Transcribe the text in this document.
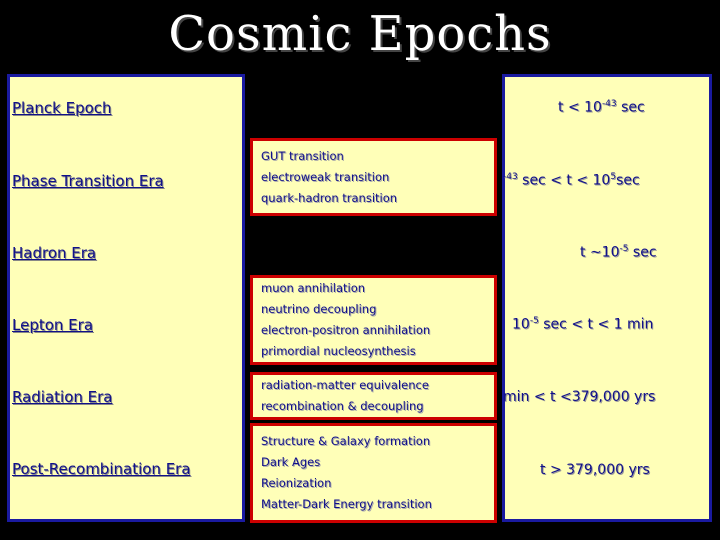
Cosmic Epochs
Planck Epoch
Phase Transition Era
Hadron Era
Lepton Era
Radiation Era
Post-Recombination Era
$t < 10^{-43}$ sec
$^{-43}$ $\sec < t < 10^5\sec$
t $\sim 10^{-5}$ sec
$10^{-5}$ sec < t < 1 min
min < t <379,000 yrs
t > 379,000 yrs
GUT transition
electroweak transition
quark-hadron transition
muon annihilation
neutrino decoupling
electron-positron annihilation
primordial nucleosynthesis
radiation-matter equivalence
recombination & decoupling
Structure & Galaxy formation
Dark Ages
Reionization
Matter-Dark Energy transition
